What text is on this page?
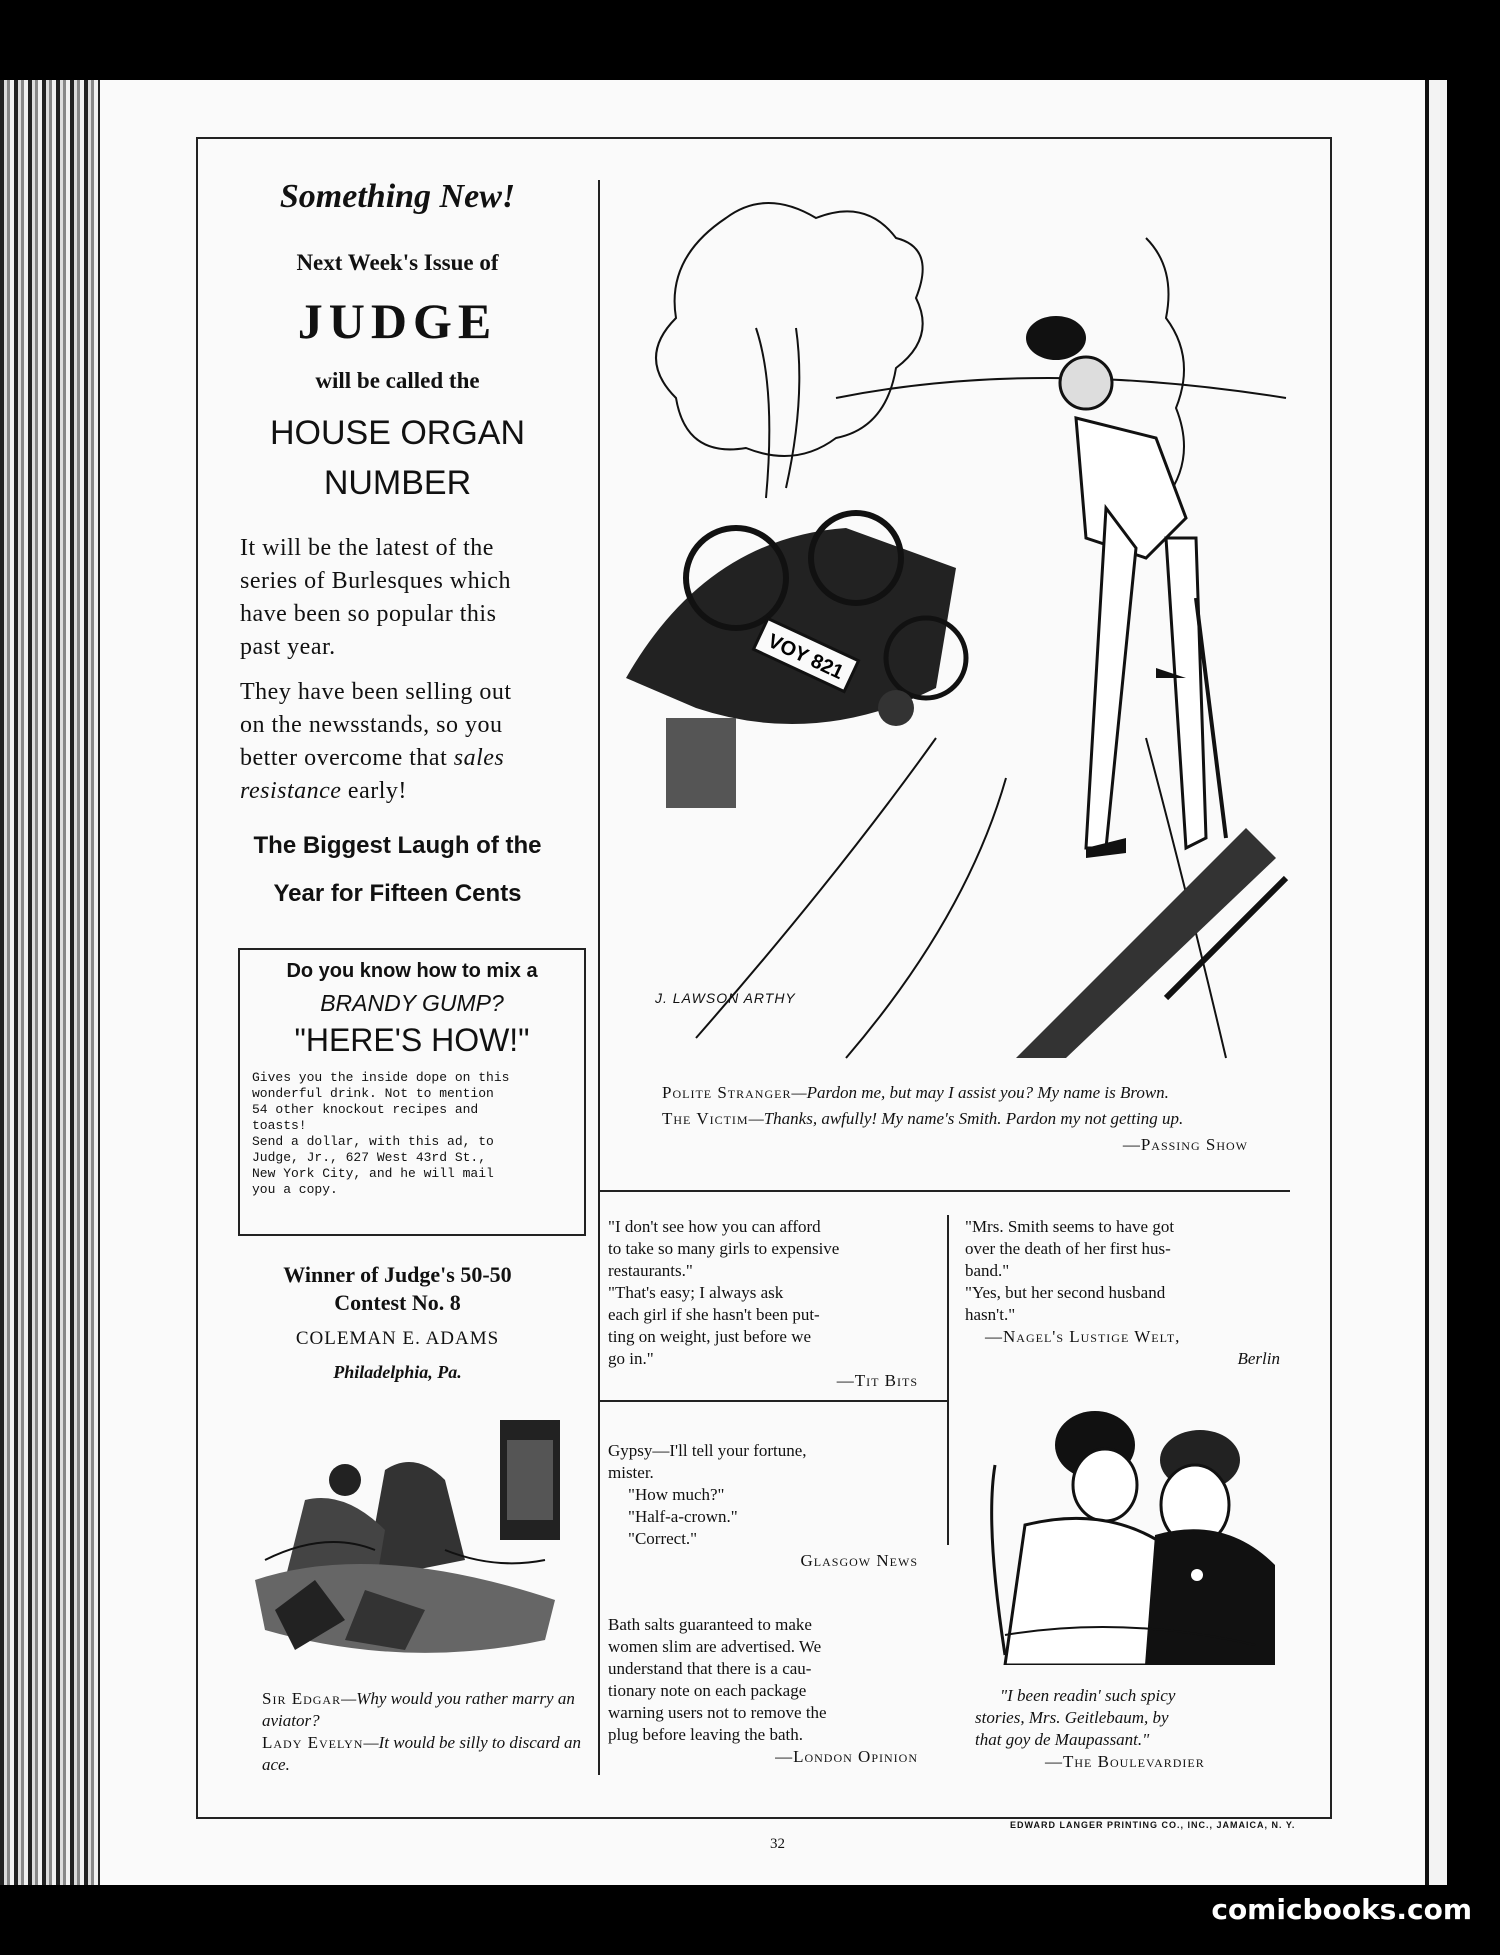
Something New!
Next Week's Issue of
JUDGE
will be called the
HOUSE ORGAN
NUMBER
It will be the latest of the
series of Burlesques which
have been so popular this
past year.
They have been selling out
on the newsstands, so you
better overcome that sales
resistance early!
The Biggest Laugh of the
Year for Fifteen Cents
Do you know how to mix a
BRANDY GUMP?
"HERE'S HOW!"
Gives you the inside dope on this
wonderful drink. Not to mention
54 other knockout recipes and
toasts!
Send a dollar, with this ad, to
Judge, Jr., 627 West 43rd St.,
New York City, and he will mail
you a copy.
Winner of Judge's 50-50
Contest No. 8
COLEMAN E. ADAMS
Philadelphia, Pa.
Sir Edgar—Why would you rather marry an aviator?
Lady Evelyn—It would be silly to discard an ace.
VOY 821
J. LAWSON ARTHY
Polite Stranger—Pardon me, but may I assist you? My name is Brown.
The Victim—Thanks, awfully! My name's Smith. Pardon my not getting up.
—Passing Show
"I don't see how you can afford
to take so many girls to expensive
restaurants."
"That's easy; I always ask
each girl if she hasn't been put-
ting on weight, just before we
go in."
—Tit Bits
"Mrs. Smith seems to have got
over the death of her first hus-
band."
"Yes, but her second husband
hasn't."
—Nagel's Lustige Welt,
Berlin
Gypsy—I'll tell your fortune,
mister.
"How much?"
"Half-a-crown."
"Correct."
Glasgow News
Bath salts guaranteed to make
women slim are advertised. We
understand that there is a cau-
tionary note on each package
warning users not to remove the
plug before leaving the bath.
—London Opinion
"I been readin' such spicy
stories, Mrs. Geitlebaum, by
that goy de Maupassant."
—The Boulevardier
EDWARD LANGER PRINTING CO., INC., JAMAICA, N. Y.
32
comicbooks.com
